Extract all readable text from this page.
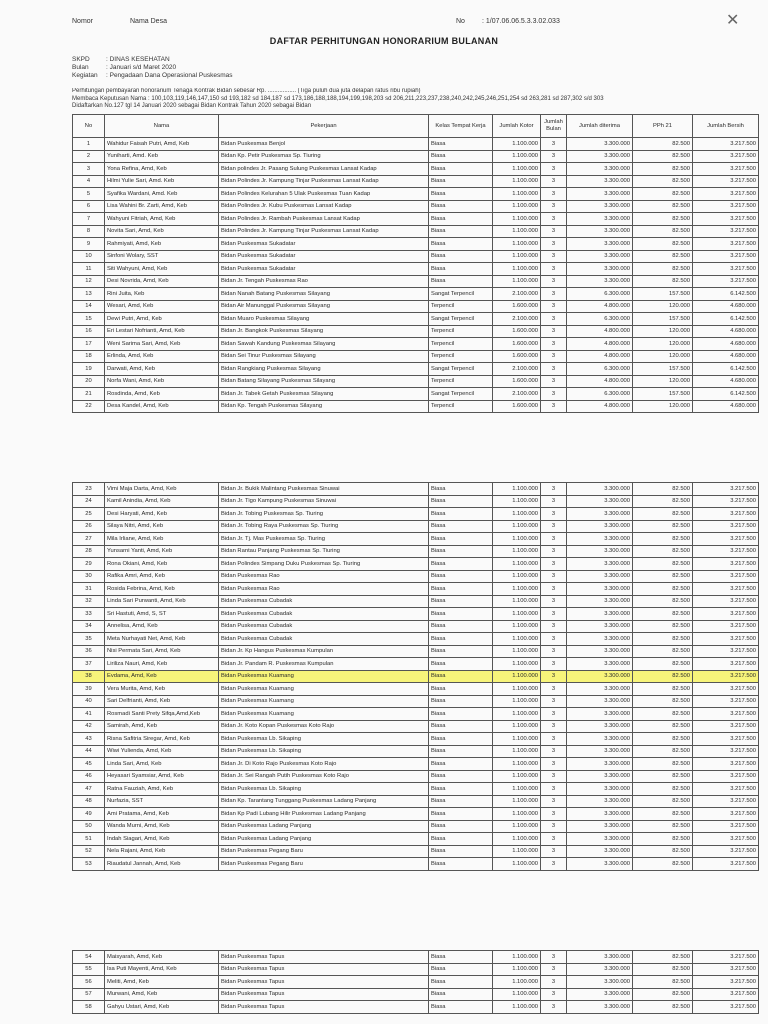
Nomor	Nama Desa	No : 1/07.06.06.5.3.3.02.033	✕
DAFTAR PERHITUNGAN HONORARIUM BULANAN
SKPD	: DINAS KESEHATAN
Bulan	: Januari s/d Maret 2020
Kegiatan : Pengadaan Dana Operasional Puskesmas
Perhitungan pembayaran honorarium Tenaga Kontrak Bidan sebesar Rp. ................. (Tiga puluh dua juta delapan ratus ribu rupiah)
Membaca Keputusan Nama : 100,103,119,146,147,150 sd 193,182 sd 184,187 sd 173,186,188,188,194,199,198,203 sd 206,211,223,237,238,240,242,245,246,251,254 sd 263,281 sd 287,302 s/d 303
Didaftarkan No.127 tgl 14 Januari 2020 sebagai Bidan Kontrak Tahun 2020 sebagai Bidan
No	Nama	Pekerjaan	Kelas Tempat Kerja	Jumlah Kotor	Jumlah Bulan	Jumlah diterima	PPh 21	Jumlah Bersih
1	Wahidur Faisah Putri, Amd, Keb	Bidan Puskesmas Benjol	Biasa	1.100.000	3	3.300.000	82.500	3.217.500
2	Yuniharti, Amd. Keb	Bidan Kp. Petir Puskesmas Sp. Tiuring	Biasa	1.100.000	3	3.300.000	82.500	3.217.500
3	Yona Refina, Amd, Keb	Bidan polindes Jr. Pasang Sulung Puskesmas Lansat Kadap	Biasa	1.100.000	3	3.300.000	82.500	3.217.500
4	Hilmi Yulie Sari, Amd. Keb	Bidan Polindes Jr. Kampung Tinjar Puskesmas Lansat Kadap	Biasa	1.100.000	3	3.300.000	82.500	3.217.500
5	Syafika Wardani, Amd. Keb	Bidan Polindes Kelurahan 5 Ulak Puskesmas Tuan Kadap	Biasa	1.100.000	3	3.300.000	82.500	3.217.500
6	Lisa Wahini Br. Zarti, Amd, Keb	Bidan Polindes Jr. Kubu Puskesmas Lansat Kadap	Biasa	1.100.000	3	3.300.000	82.500	3.217.500
7	Wahyuni Fitriah, Amd, Keb	Bidan Polindes Jr. Rambah Puskesmas Lansat Kadap	Biasa	1.100.000	3	3.300.000	82.500	3.217.500
8	Novita Sari, Amd, Keb	Bidan Polindes Jr. Kampung Tinjar Puskesmas Lansat Kadap	Biasa	1.100.000	3	3.300.000	82.500	3.217.500
9	Rahmiyati, Amd, Keb	Bidan Puskesmas Sukadatar	Biasa	1.100.000	3	3.300.000	82.500	3.217.500
10	Sinfoni Wolary, SST	Bidan Puskesmas Sukadatar	Biasa	1.100.000	3	3.300.000	82.500	3.217.500
11	Siti Wahyuni, Amd, Keb	Bidan Puskesmas Sukadatar	Biasa	1.100.000	3	3.300.000	82.500	3.217.500
12	Desi Novrida, Amd, Keb	Bidan Jr. Tengah Puskesmas Rao	Biasa	1.100.000	3	3.300.000	82.500	3.217.500
13	Rini Juita, Keb	Bidan Nanah Batang Puskesmas Silayang	Sangat Terpencil	2.100.000	3	6.300.000	157.500	6.142.500
14	Wesari, Amd, Keb	Bidan Air Manunggal Puskesmas Silayang	Terpencil	1.600.000	3	4.800.000	120.000	4.680.000
15	Dewi Putri, Amd, Keb	Bidan Muaro Puskesmas Silayang	Sangat Terpencil	2.100.000	3	6.300.000	157.500	6.142.500
16	Eri Lestari Nofrianti, Amd, Keb	Bidan Jr. Bangkok Puskesmas Silayang	Terpencil	1.600.000	3	4.800.000	120.000	4.680.000
17	Weni Sarima Sari, Amd, Keb	Bidan Sawah Kandung Puskesmas Silayang	Terpencil	1.600.000	3	4.800.000	120.000	4.680.000
18	Erlinda, Amd, Keb	Bidan Sei Tinur Puskesmas Silayang	Terpencil	1.600.000	3	4.800.000	120.000	4.680.000
19	Darwati, Amd, Keb	Bidan Rangkiang Puskesmas Silayang	Sangat Terpencil	2.100.000	3	6.300.000	157.500	6.142.500
20	Norfa Wani, Amd, Keb	Bidan Batang Silayang Puskesmas Silayang	Terpencil	1.600.000	3	4.800.000	120.000	4.680.000
21	Rosdinda, Amd, Keb	Bidan Jr. Tabek Getah Puskesmas Silayang	Sangat Terpencil	2.100.000	3	6.300.000	157.500	6.142.500
22	Desa Kandel, Amd, Keb	Bidan Kp. Tengah Puskesmas Silayang	Terpencil	1.600.000	3	4.800.000	120.000	4.680.000
23	Vimi Maja Darta, Amd, Keb	Bidan Jr. Bukik Malintang Puskesmas Sinuwai	Biasa	1.100.000	3	3.300.000	82.500	3.217.500
24	Kamil Anindia, Amd, Keb	Bidan Jr. Tigo Kampung Puskesmas Sinuwai	Biasa	1.100.000	3	3.300.000	82.500	3.217.500
25	Desi Haryati, Amd, Keb	Bidan Jr. Tobing Puskesmas Sp. Tiuring	Biasa	1.100.000	3	3.300.000	82.500	3.217.500
26	Silaya Nitri, Amd, Keb	Bidan Jr. Tobing Raya Puskesmas Sp. Tiuring	Biasa	1.100.000	3	3.300.000	82.500	3.217.500
27	Mila Irliane, Amd, Keb	Bidan Jr. Tj. Mas Puskesmas Sp. Tiuring	Biasa	1.100.000	3	3.300.000	82.500	3.217.500
28	Yunsarni Yanti, Amd, Keb	Bidan Rantau Panjang Puskesmas Sp. Tiuring	Biasa	1.100.000	3	3.300.000	82.500	3.217.500
29	Rona Okiani, Amd, Keb	Bidan Polindes Simpang Duku Puskesmas Sp. Tiuring	Biasa	1.100.000	3	3.300.000	82.500	3.217.500
30	Rafika Amri, Amd, Keb	Bidan Puskesmas Rao	Biasa	1.100.000	3	3.300.000	82.500	3.217.500
31	Rosida Febrina, Amd, Keb	Bidan Puskesmas Rao	Biasa	1.100.000	3	3.300.000	82.500	3.217.500
32	Linda Sari Purwanti, Amd, Keb	Bidan Puskesmas Cubadak	Biasa	1.100.000	3	3.300.000	82.500	3.217.500
33	Sri Hastuti, Amd, S, ST	Bidan Puskesmas Cubadak	Biasa	1.100.000	3	3.300.000	82.500	3.217.500
34	Annelisa, Amd, Keb	Bidan Puskesmas Cubadak	Biasa	1.100.000	3	3.300.000	82.500	3.217.500
35	Meta Nurhayati Net, Amd, Keb	Bidan Puskesmas Cubadak	Biasa	1.100.000	3	3.300.000	82.500	3.217.500
36	Nisi Permata Sari, Amd, Keb	Bidan Jr. Kp Hangus Puskesmas Kumpulan	Biasa	1.100.000	3	3.300.000	82.500	3.217.500
37	Liriliza Nauri, Amd, Keb	Bidan Jr. Pandam R. Puskesmas Kumpulan	Biasa	1.100.000	3	3.300.000	82.500	3.217.500
38	Evdama, Amd, Keb	Bidan Puskesmas Kuamang	Biasa	1.100.000	3	3.300.000	82.500	3.217.500
39	Vera Murita, Amd, Keb	Bidan Puskesmas Kuamang	Biasa	1.100.000	3	3.300.000	82.500	3.217.500
40	Sari Delfrianti, Amd, Keb	Bidan Puskesmas Kuamang	Biasa	1.100.000	3	3.300.000	82.500	3.217.500
41	Rosmadi Santi Prety Sifqa,Amd,Keb	Bidan Puskesmas Kuamang	Biasa	1.100.000	3	3.300.000	82.500	3.217.500
42	Samirah, Amd, Keb	Bidan Jr. Koto Kopan Puskesmas Koto Rajo	Biasa	1.100.000	3	3.300.000	82.500	3.217.500
43	Risna Safitria Siregar, Amd, Keb	Bidan Puskesmas Lb. Sikaping	Biasa	1.100.000	3	3.300.000	82.500	3.217.500
44	Wiwi Yulienda, Amd, Keb	Bidan Puskesmas Lb. Sikaping	Biasa	1.100.000	3	3.300.000	82.500	3.217.500
45	Linda Sari, Amd, Keb	Bidan Jr. Di Koto Rajo Puskesmas Koto Rajo	Biasa	1.100.000	3	3.300.000	82.500	3.217.500
46	Heyasari Syamsiar, Amd, Keb	Bidan Jr. Sei Rangah Putih Puskesmas Koto Rajo	Biasa	1.100.000	3	3.300.000	82.500	3.217.500
47	Ratna Fauziah, Amd, Keb	Bidan Puskesmas Lb. Sikaping	Biasa	1.100.000	3	3.300.000	82.500	3.217.500
48	Nurfazia, SST	Bidan Kp. Tarantang Tunggang Puskesmas Ladang Panjang	Biasa	1.100.000	3	3.300.000	82.500	3.217.500
49	Ami Pratama, Amd, Keb	Bidan Kp Padi Lubang Hilir Puskesmas Ladang Panjang	Biasa	1.100.000	3	3.300.000	82.500	3.217.500
50	Wanda Murni, Amd, Keb	Bidan Puskesmas Ladang Panjang	Biasa	1.100.000	3	3.300.000	82.500	3.217.500
51	Indah Siagari, Amd, Keb	Bidan Puskesmas Ladang Panjang	Biasa	1.100.000	3	3.300.000	82.500	3.217.500
52	Nela Rajani, Amd, Keb	Bidan Puskesmas Pegang Baru	Biasa	1.100.000	3	3.300.000	82.500	3.217.500
53	Riaudatul Jannah, Amd, Keb	Bidan Puskesmas Pegang Baru	Biasa	1.100.000	3	3.300.000	82.500	3.217.500
54	Maisyarah, Amd, Keb	Bidan Puskesmas Tapus	Biasa	1.100.000	3	3.300.000	82.500	3.217.500
55	Isa Puti Mayenti, Amd, Keb	Bidan Puskesmas Tapus	Biasa	1.100.000	3	3.300.000	82.500	3.217.500
56	Meliti, Amd, Keb	Bidan Puskesmas Tapus	Biasa	1.100.000	3	3.300.000	82.500	3.217.500
57	Murwani, Amd, Keb	Bidan Puskesmas Tapus	Biasa	1.100.000	3	3.300.000	82.500	3.217.500
58	Gahyu Ustari, Amd, Keb	Bidan Puskesmas Tapus	Biasa	1.100.000	3	3.300.000	82.500	3.217.500
